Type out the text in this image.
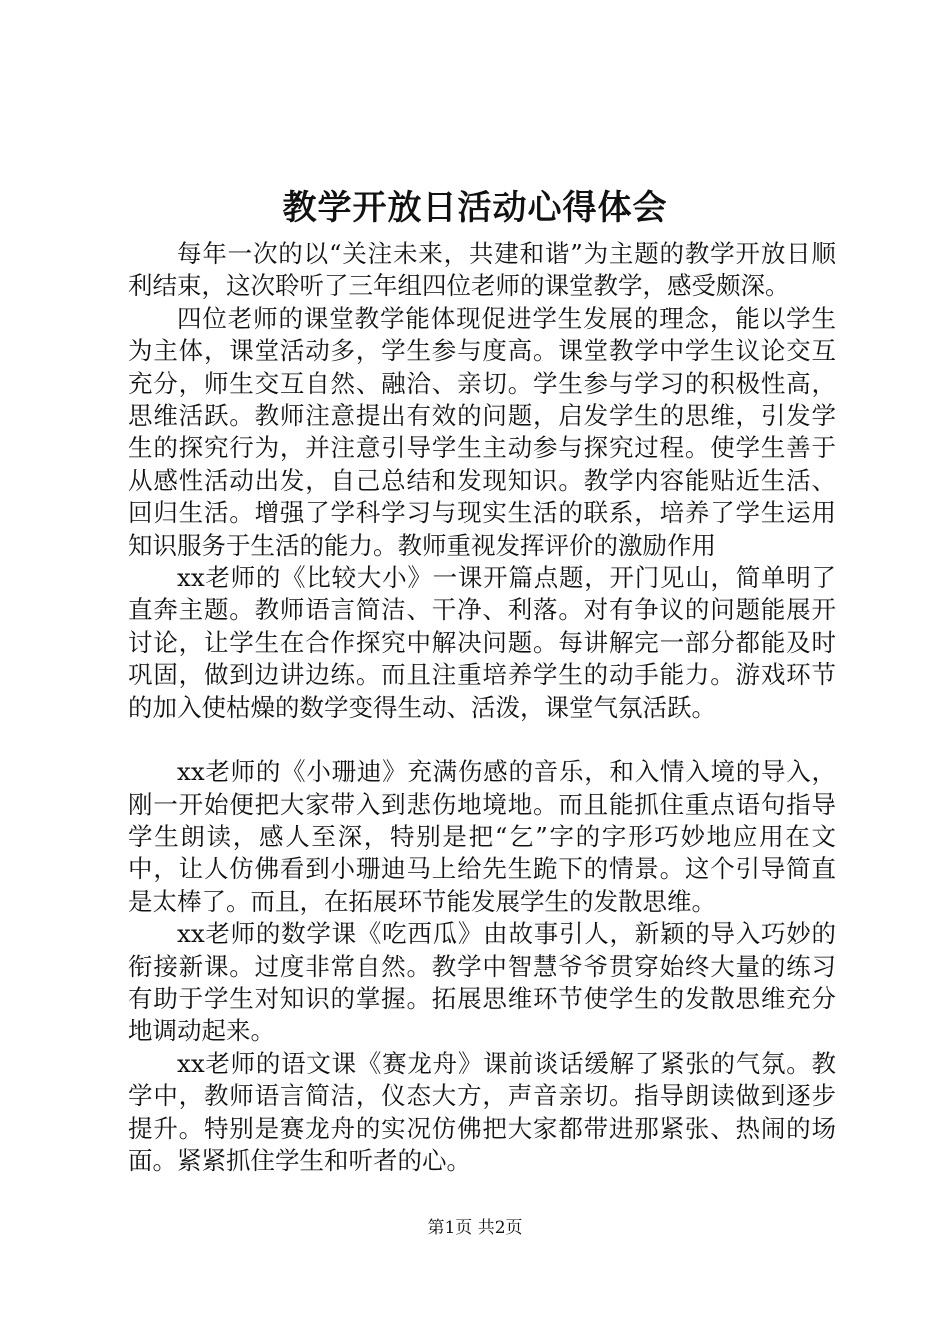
教学开放日活动心得体会

每年一次的以“关注未来，共建和谐”为主题的教学开放日顺利结束，这次聆听了三年组四位老师的课堂教学，感受颇深。

四位老师的课堂教学能体现促进学生发展的理念，能以学生为主体，课堂活动多，学生参与度高。课堂教学中学生议论交互充分，师生交互自然、融洽、亲切。学生参与学习的积极性高，思维活跃。教师注意提出有效的问题，启发学生的思维，引发学生的探究行为，并注意引导学生主动参与探究过程。使学生善于从感性活动出发，自己总结和发现知识。教学内容能贴近生活、回归生活。增强了学科学习与现实生活的联系，培养了学生运用知识服务于生活的能力。教师重视发挥评价的激励作用

xx老师的《比较大小》一课开篇点题，开门见山，简单明了直奔主题。教师语言简洁、干净、利落。对有争议的问题能展开讨论，让学生在合作探究中解决问题。每讲解完一部分都能及时巩固，做到边讲边练。而且注重培养学生的动手能力。游戏环节的加入使枯燥的数学变得生动、活泼，课堂气氛活跃。

xx老师的《小珊迪》充满伤感的音乐，和入情入境的导入，刚一开始便把大家带入到悲伤地境地。而且能抓住重点语句指导学生朗读，感人至深，特别是把“乞”字的字形巧妙地应用在文中，让人仿佛看到小珊迪马上给先生跪下的情景。这个引导简直是太棒了。而且，在拓展环节能发展学生的发散思维。

xx老师的数学课《吃西瓜》由故事引人，新颖的导入巧妙的衔接新课。过度非常自然。教学中智慧爷爷贯穿始终大量的练习有助于学生对知识的掌握。拓展思维环节使学生的发散思维充分地调动起来。

xx老师的语文课《赛龙舟》课前谈话缓解了紧张的气氛。教学中，教师语言简洁，仪态大方，声音亲切。指导朗读做到逐步提升。特别是赛龙舟的实况仿佛把大家都带进那紧张、热闹的场面。紧紧抓住学生和听者的心。

第1页 共2页
